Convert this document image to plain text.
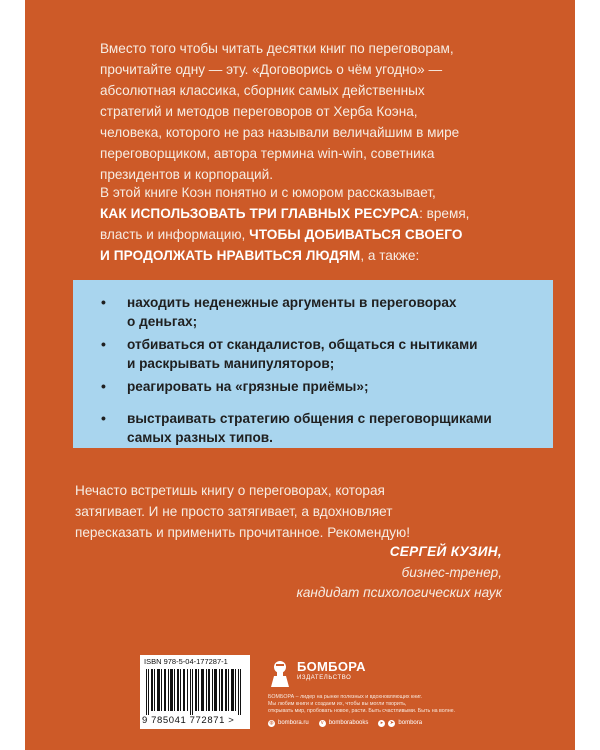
Вместо того чтобы читать десятки книг по переговорам,
прочитайте одну — эту. «Договорись о чём угодно» —
абсолютная классика, сборник самых действенных
стратегий и методов переговоров от Херба Коэна,
человека, которого не раз называли величайшим в мире
переговорщиком, автора термина win-win, советника
президентов и корпораций.
В этой книге Коэн понятно и с юмором рассказывает,
КАК ИСПОЛЬЗОВАТЬ ТРИ ГЛАВНЫХ РЕСУРСА: время,
власть и информацию, ЧТОБЫ ДОБИВАТЬСЯ СВОЕГО
И ПРОДОЛЖАТЬ НРАВИТЬСЯ ЛЮДЯМ, а также:
• находить неденежные аргументы в переговорах
о деньгах;
• отбиваться от скандалистов, общаться с нытиками
и раскрывать манипуляторов;
• реагировать на «грязные приёмы»;
• выстраивать стратегию общения с переговорщиками
самых разных типов.
Нечасто встретишь книгу о переговорах, которая
затягивает. И не просто затягивает, а вдохновляет
пересказать и применить прочитанное. Рекомендую!
СЕРГЕЙ КУЗИН,
бизнес-тренер,
кандидат психологических наук
ISBN 978-5-04-177287-1
9 785041 772871 >
БОМБОРА
ИЗДАТЕЛЬСТВО
БОМБОРА – лидер на рынке полезных и вдохновляющих книг.
Мы любим книги и создаем их, чтобы вы могли творить,
открывать мир, пробовать новое, расти. Быть счастливыми. Быть на волне.
◍ bombora.ru	v bomborabooks	▸	➤ bombora
